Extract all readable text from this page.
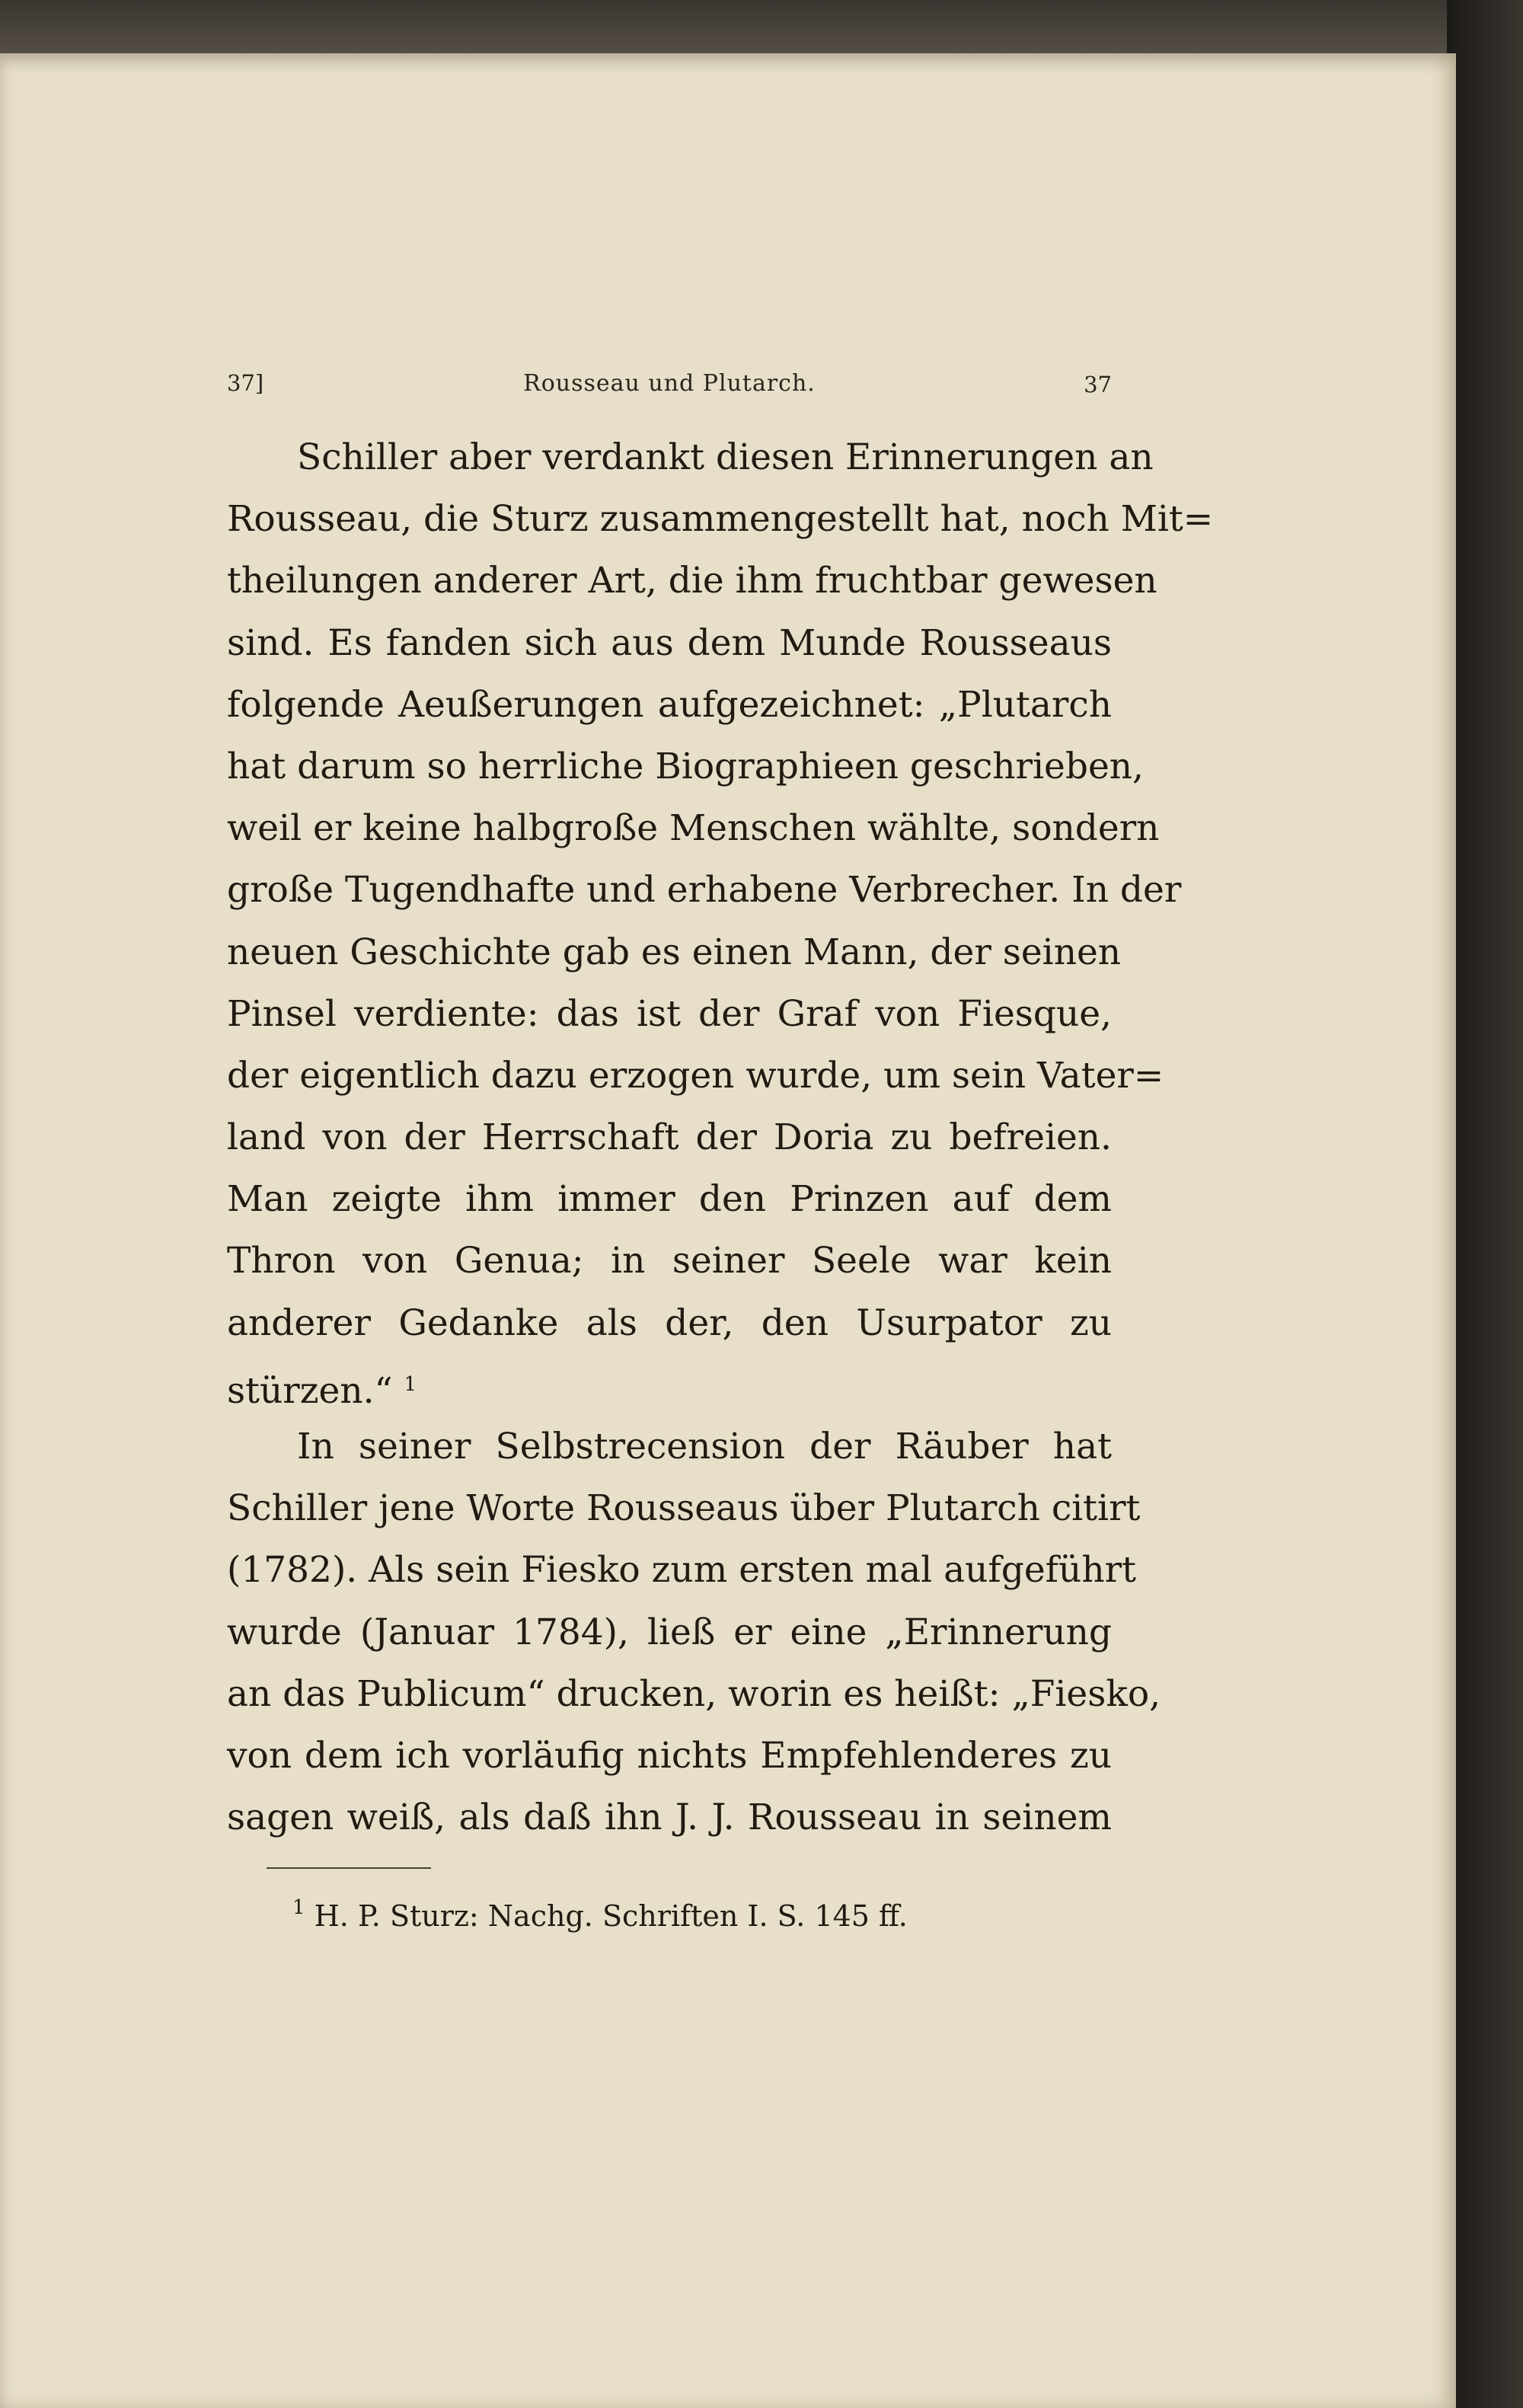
37]	Rousseau und Plutarch.	37
Schiller aber verdankt diesen Erinnerungen an
Rousseau, die Sturz zusammengestellt hat, noch Mit=
theilungen anderer Art, die ihm fruchtbar gewesen
sind. Es fanden sich aus dem Munde Rousseaus
folgende Aeußerungen aufgezeichnet: „Plutarch
hat darum so herrliche Biographieen geschrieben,
weil er keine halbgroße Menschen wählte, sondern
große Tugendhafte und erhabene Verbrecher. In der
neuen Geschichte gab es einen Mann, der seinen
Pinsel verdiente: das ist der Graf von Fiesque,
der eigentlich dazu erzogen wurde, um sein Vater=
land von der Herrschaft der Doria zu befreien.
Man zeigte ihm immer den Prinzen auf dem
Thron von Genua; in seiner Seele war kein
anderer Gedanke als der, den Usurpator zu
stürzen.“ $^1$
In seiner Selbstrecension der Räuber hat
Schiller jene Worte Rousseaus über Plutarch citirt
(1782). Als sein Fiesko zum ersten mal aufgeführt
wurde (Januar 1784), ließ er eine „Erinnerung
an das Publicum“ drucken, worin es heißt: „Fiesko,
von dem ich vorläufig nichts Empfehlenderes zu
sagen weiß, als daß ihn J. J. Rousseau in seinem
$^1$ H. P. Sturz: Nachg. Schriften I. S. 145 ff.
